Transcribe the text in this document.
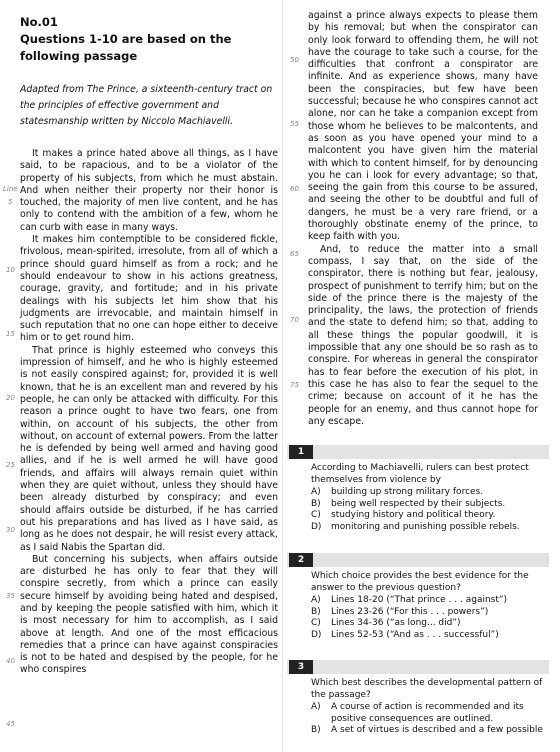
No.01
Questions 1-10 are based on the following passage
Adapted from The Prince, a sixteenth-century tract on the principles of effective government and statesmanship written by Niccolo Machiavelli.

It makes a prince hated above all things, as I have said, to be rapacious, and to be a violator of the property of his subjects, from which he must abstain. And when neither their property nor their honor is touched, the majority of men live content, and he has only to contend with the ambition of a few, whom he can curb with ease in many ways.

It makes him contemptible to be considered fickle, frivolous, mean-spirited, irresolute, from all of which a prince should guard himself as from a rock; and he should endeavour to show in his actions greatness, courage, gravity, and fortitude; and in his private dealings with his subjects let him show that his judgments are irrevocable, and maintain himself in such reputation that no one can hope either to deceive him or to get round him.

That prince is highly esteemed who conveys this impression of himself, and he who is highly esteemed is not easily conspired against; for, provided it is well known, that he is an excellent man and revered by his people, he can only be attacked with difficulty. For this reason a prince ought to have two fears, one from within, on account of his subjects, the other from without, on account of external powers. From the latter he is defended by being well armed and having good allies, and if he is well armed he will have good friends, and affairs will always remain quiet within when they are quiet without, unless they should have been already disturbed by conspiracy; and even should affairs outside be disturbed, if he has carried out his preparations and has lived as I have said, as long as he does not despair, he will resist every attack, as I said Nabis the Spartan did.

But concerning his subjects, when affairs outside are disturbed he has only to fear that they will conspire secretly, from which a prince can easily secure himself by avoiding being hated and despised, and by keeping the people satisfied with him, which it is most necessary for him to accomplish, as I said above at length. And one of the most efficacious remedies that a prince can have against conspiracies is not to be hated and despised by the people, for he who conspires

Line
5
10
15
20
25
30
35
40
45

against a prince always expects to please them by his removal; but when the conspirator can only look forward to offending them, he will not have the courage to take such a course, for the difficulties that confront a conspirator are infinite. And as experience shows, many have been the conspiracies, but few have been successful; because he who conspires cannot act alone, nor can he take a companion except from those whom he believes to be malcontents, and as soon as you have opened your mind to a malcontent you have given him the material with which to content himself, for by denouncing you he can i look for every advantage; so that, seeing the gain from this course to be assured, and seeing the other to be doubtful and full of dangers, he must be a very rare friend, or a thoroughly obstinate enemy of the prince, to keep faith with you.

And, to reduce the matter into a small compass, I say that, on the side of the conspirator, there is nothing but fear, jealousy, prospect of punishment to terrify him; but on the side of the prince there is the majesty of the principality, the laws, the protection of friends and the state to defend him; so that, adding to all these things the popular goodwill, it is impossible that any one should be so rash as to conspire. For whereas in general the conspirator has to fear before the execution of his plot, in this case he has also to fear the sequel to the crime; because on account of it he has the people for an enemy, and thus cannot hope for any escape.

50
55
60
65
70
75
1
According to Machiavelli, rulers can best protect themselves from violence by
A)	building up strong military forces.
B)	being well respected by their subjects.
C)	studying history and political theory.
D)	monitoring and punishing possible rebels.
2
Which choice provides the best evidence for the answer to the previous question?
A)	Lines 18-20 (“That prince . . . against”)
B)	Lines 23-26 (“For this . . . powers”)
C)	Lines 34-36 (“as long... did”)
D)	Lines 52-53 (“And as . . . successful”)
3
Which best describes the developmental pattern of the passage?
A)	A course of action is recommended and its positive consequences are outlined.
B)	A set of virtues is described and a few possible
